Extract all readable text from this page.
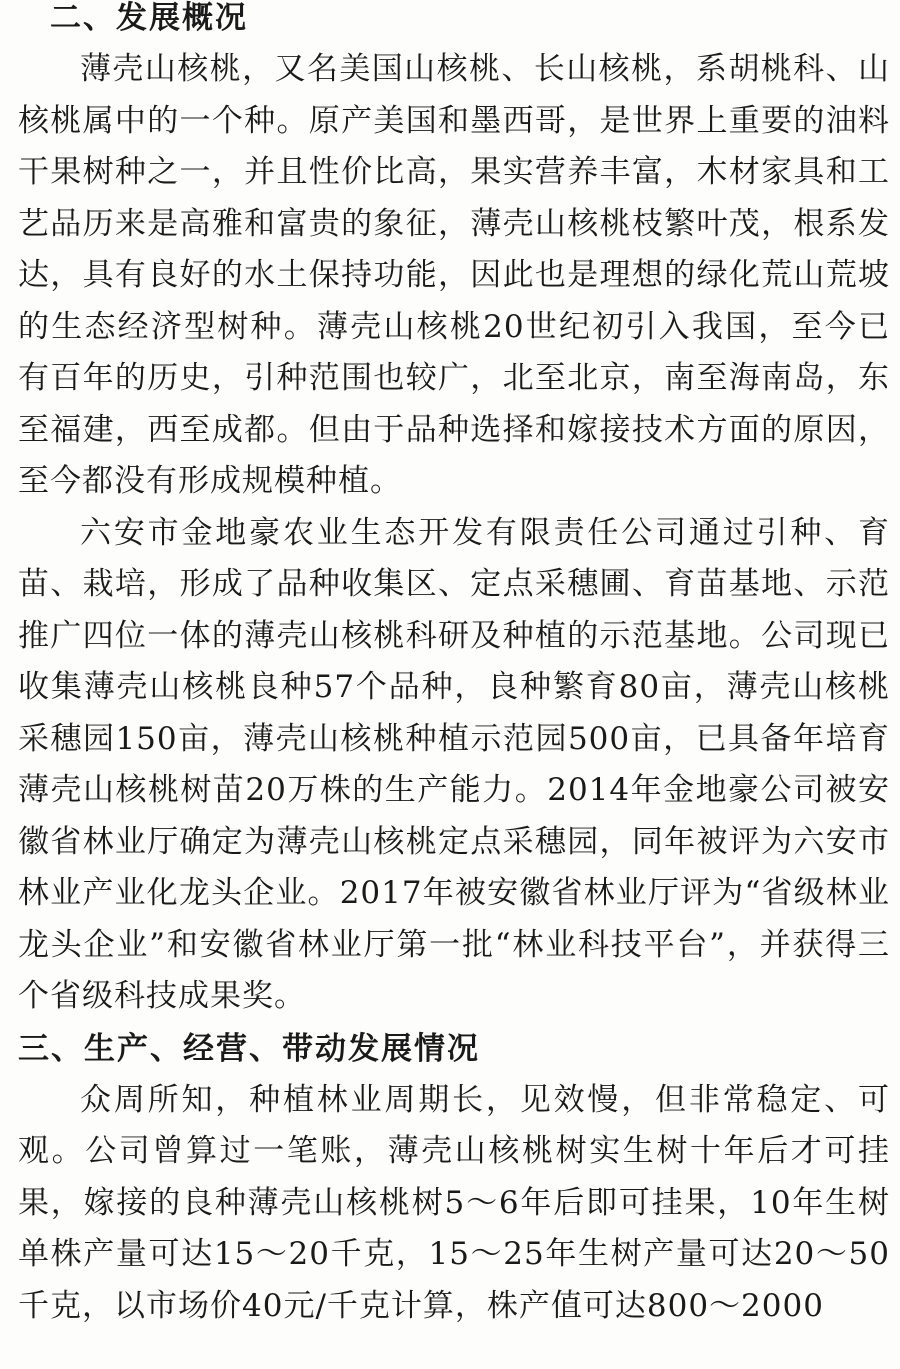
二、发展概况

薄壳山核桃，又名美国山核桃、长山核桃，系胡桃科、山核桃属中的一个种。原产美国和墨西哥，是世界上重要的油料干果树种之一，并且性价比高，果实营养丰富，木材家具和工艺品历来是高雅和富贵的象征，薄壳山核桃枝繁叶茂，根系发达，具有良好的水土保持功能，因此也是理想的绿化荒山荒坡的生态经济型树种。薄壳山核桃20世纪初引入我国，至今已有百年的历史，引种范围也较广，北至北京，南至海南岛，东至福建，西至成都。但由于品种选择和嫁接技术方面的原因，至今都没有形成规模种植。

六安市金地豪农业生态开发有限责任公司通过引种、育苗、栽培，形成了品种收集区、定点采穗圃、育苗基地、示范推广四位一体的薄壳山核桃科研及种植的示范基地。公司现已收集薄壳山核桃良种57个品种，良种繁育80亩，薄壳山核桃采穗园150亩，薄壳山核桃种植示范园500亩，已具备年培育薄壳山核桃树苗20万株的生产能力。2014年金地豪公司被安徽省林业厅确定为薄壳山核桃定点采穗园，同年被评为六安市林业产业化龙头企业。2017年被安徽省林业厅评为“省级林业龙头企业”和安徽省林业厅第一批“林业科技平台”，并获得三个省级科技成果奖。

三、生产、经营、带动发展情况

众周所知，种植林业周期长，见效慢，但非常稳定、可观。公司曾算过一笔账，薄壳山核桃树实生树十年后才可挂果，嫁接的良种薄壳山核桃树5～6年后即可挂果，10年生树单株产量可达15～20千克，15～25年生树产量可达20～50千克，以市场价40元/千克计算，株产值可达800～2000
